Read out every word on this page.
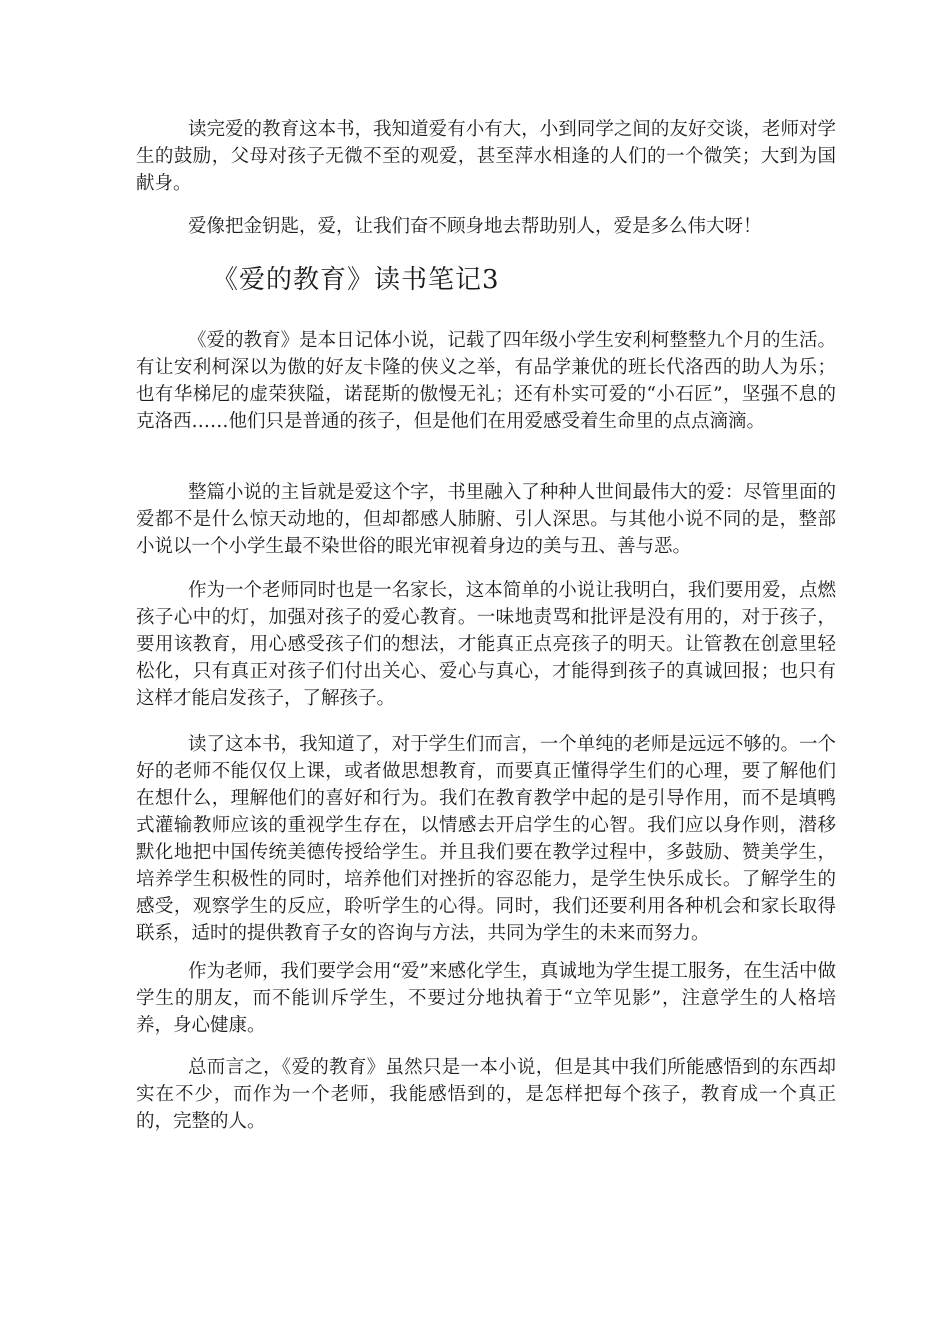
读完爱的教育这本书，我知道爱有小有大，小到同学之间的友好交谈，老师对学生的鼓励，父母对孩子无微不至的观爱，甚至萍水相逢的人们的一个微笑；大到为国献身。

爱像把金钥匙，爱，让我们奋不顾身地去帮助别人，爱是多么伟大呀！

《爱的教育》读书笔记3

《爱的教育》是本日记体小说，记载了四年级小学生安利柯整整九个月的生活。有让安利柯深以为傲的好友卡隆的侠义之举，有品学兼优的班长代洛西的助人为乐；也有华梯尼的虚荣狭隘，诺琵斯的傲慢无礼；还有朴实可爱的“小石匠”，坚强不息的克洛西……他们只是普通的孩子，但是他们在用爱感受着生命里的点点滴滴。

整篇小说的主旨就是爱这个字，书里融入了种种人世间最伟大的爱：尽管里面的爱都不是什么惊天动地的，但却都感人肺腑、引人深思。与其他小说不同的是，整部小说以一个小学生最不染世俗的眼光审视着身边的美与丑、善与恶。

作为一个老师同时也是一名家长，这本简单的小说让我明白，我们要用爱，点燃孩子心中的灯，加强对孩子的爱心教育。一味地责骂和批评是没有用的，对于孩子，要用该教育，用心感受孩子们的想法，才能真正点亮孩子的明天。让管教在创意里轻松化，只有真正对孩子们付出关心、爱心与真心，才能得到孩子的真诚回报；也只有这样才能启发孩子，了解孩子。

读了这本书，我知道了，对于学生们而言，一个单纯的老师是远远不够的。一个好的老师不能仅仅上课，或者做思想教育，而要真正懂得学生们的心理，要了解他们在想什么，理解他们的喜好和行为。我们在教育教学中起的是引导作用，而不是填鸭式灌输教师应该的重视学生存在，以情感去开启学生的心智。我们应以身作则，潜移默化地把中国传统美德传授给学生。并且我们要在教学过程中，多鼓励、赞美学生，培养学生积极性的同时，培养他们对挫折的容忍能力，是学生快乐成长。了解学生的感受，观察学生的反应，聆听学生的心得。同时，我们还要利用各种机会和家长取得联系，适时的提供教育子女的咨询与方法，共同为学生的未来而努力。

作为老师，我们要学会用“爱”来感化学生，真诚地为学生提工服务，在生活中做学生的朋友，而不能训斥学生，不要过分地执着于“立竿见影”，注意学生的人格培养，身心健康。

总而言之，《爱的教育》虽然只是一本小说，但是其中我们所能感悟到的东西却实在不少，而作为一个老师，我能感悟到的，是怎样把每个孩子，教育成一个真正的，完整的人。
